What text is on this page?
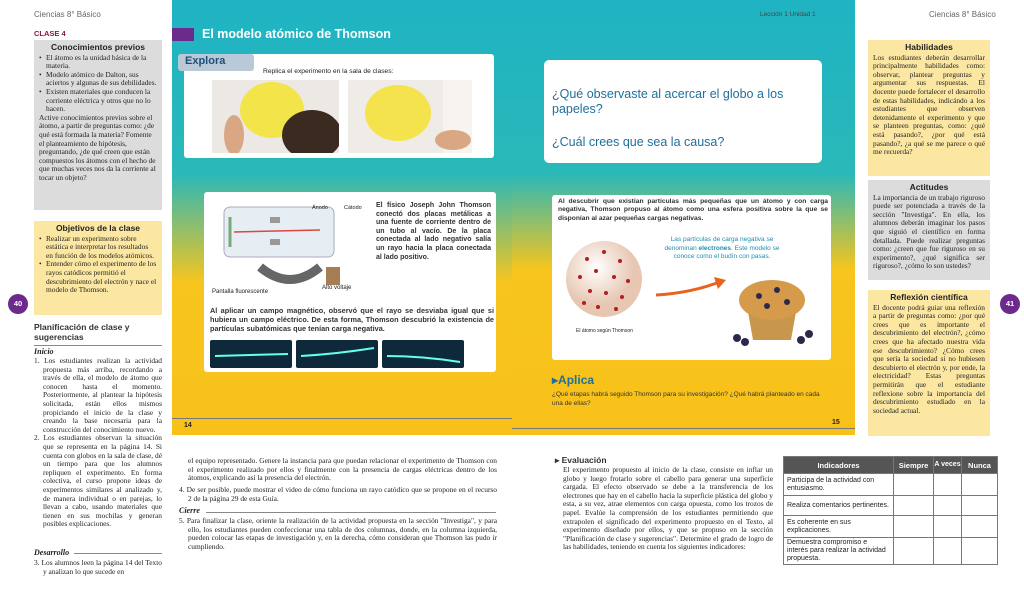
Ciencias 8° Básico
CLASE 4
Conocimientos previos
• El átomo es la unidad básica de la materia.
• Modelo atómico de Dalton, sus aciertos y algunas de sus debilidades.
• Existen materiales que conducen la corriente eléctrica y otros que no lo hacen.
Active conocimientos previos sobre el átomo, a partir de preguntas como: ¿de qué está formada la materia? Fomente el planteamiento de hipótesis, preguntando, ¿de qué creen que están compuestos los átomos con el hecho de que muchas veces nos da la corriente al tocar un objeto?
Objetivos de la clase
• Realizar un experimento sobre estática e interpretar los resultados en función de los modelos atómicos.
• Entender cómo el experimento de los rayos catódicos permitió el descubrimiento del electrón y nace el modelo de Thomson.
40
Planificación de clase y sugerencias
Inicio
1. Los estudiantes realizan la actividad propuesta más arriba, recordando a través de ella, el modelo de átomo que conocen hasta el momento. Posteriormente, al plantear la hipótesis solicitada, están ellos mismos propiciando el inicio de la clase y creando la base necesaria para la construcción del conocimiento nuevo.
2. Los estudiantes observan la situación que se representa en la página 14. Si cuenta con globos en la sala de clase, dé un tiempo para que los alumnos repliquen el experimento. En forma colectiva, el curso propone ideas de experimentos similares al analizado y, de manera individual o en parejas, lo llevan a cabo, usando materiales que tienen en sus mochilas y generan posibles explicaciones.
Desarrollo
3. Los alumnos leen la página 14 del Texto y analizan lo que sucede en
El modelo atómico de Thomson
Explora
Replica el experimento en la sala de clases:
Ánodo	Cátodo
Pantalla fluorescente
Alto voltaje
El físico Joseph John Thomson conectó dos placas metálicas a una fuente de corriente dentro de un tubo al vacío. De la placa conectada al lado negativo salía un rayo hacia la placa conectada al lado positivo.
Al aplicar un campo magnético, observó que el rayo se desviaba igual que si hubiera un campo eléctrico. De esta forma, Thomson descubrió la existencia de partículas subatómicas que tenían carga negativa.
14
Lección 1 Unidad 1
¿Qué observaste al acercar el globo a los papeles?
¿Cuál crees que sea la causa?
Al descubrir que existían partículas más pequeñas que un átomo y con carga negativa, Thomson propuso al átomo como una esfera positiva sobre la que se disponían al azar pequeñas cargas negativas.
El átomo según Thomson
Las partículas de carga negativa se denominan electrones. Este modelo se conoce como el budín con pasas.
▸Aplica
¿Qué etapas habrá seguido Thomson para su investigación? ¿Qué habrá planteado en cada una de ellas?
15
el equipo representado. Genere la instancia para que puedan relacionar el experimento de Thomson con el experimento realizado por ellos y finalmente con la presencia de cargas eléctricas dentro de los átomos, explicando así la presencia del electrón.
4. De ser posible, puede mostrar el video de cómo funciona un rayo catódico que se propone en el recurso 2 de la página 29 de esta Guía.
Cierre
5. Para finalizar la clase, oriente la realización de la actividad propuesta en la sección "Investiga", y para ello, los estudiantes pueden confeccionar una tabla de dos columnas, donde, en la columna izquierda, pueden colocar las etapas de investigación y, en la derecha, cómo consideran que Thomson las pudo ir cumpliendo.
▸ Evaluación
El experimento propuesto al inicio de la clase, consiste en inflar un globo y luego frotarlo sobre el cabello para generar una superficie cargada. El efecto observado se debe a la transferencia de los electrones que hay en el cabello hacia la superficie plástica del globo y esta, a su vez, atrae elementos con carga opuesta, como los trozos de papel. Evalúe la comprensión de los estudiantes permitiendo que extrapolen el significado del experimento propuesto en el Texto, al experimento diseñado por ellos, y que se propuso en la sección "Planificación de clase y sugerencias". Determine el grado de logro de las habilidades, teniendo en cuenta los siguientes indicadores:
Indicadores	Siempre	A veces	Nunca
Participa de la actividad con entusiasmo.			
Realiza comentarios pertinentes.			
Es coherente en sus explicaciones.			
Demuestra compromiso e interés para realizar la actividad propuesta.			
Ciencias 8° Básico
Habilidades
Los estudiantes deberán desarrollar principalmente habilidades como: observar, plantear preguntas y argumentar sus respuestas. El docente puede fortalecer el desarrollo de estas habilidades, indicándo a los estudiantes que observen detenidamente el experimento y que se planteen preguntas, como: ¿qué está pasando?, ¿por qué está pasando?, ¿a qué se me parece o qué me recuerda?
Actitudes
La importancia de un trabajo riguroso puede ser potenciada a través de la sección "Investiga". En ella, los alumnos deberán imaginar los pasos que siguió el científico en forma detallada. Puede realizar preguntas como: ¿creen que fue riguroso en su experimento?, ¿qué significa ser riguroso?, ¿cómo lo son ustedes?
41
Reflexión científica
El docente podrá guiar una reflexión a partir de preguntas como: ¿por qué crees que es importante el descubrimiento del electrón?, ¿cómo crees que ha afectado nuestra vida ese descubrimiento? ¿Cómo crees que sería la sociedad si no hubiesen descubierto el electrón y, por ende, la electricidad? Estas preguntas permitirán que el estudiante reflexione sobre la importancia del descubrimiento estudiado en la sociedad actual.
